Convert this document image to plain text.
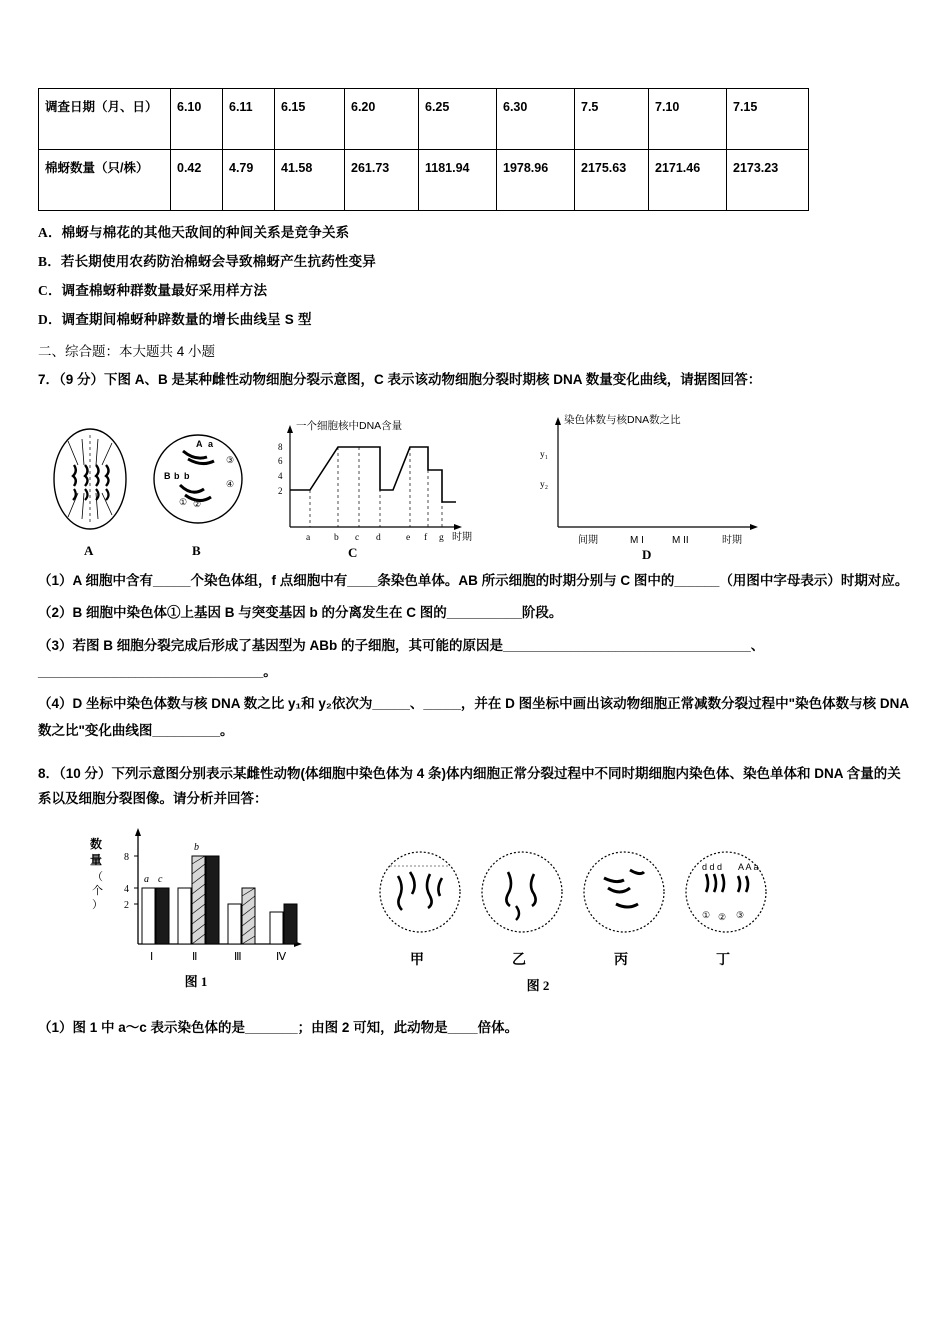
调查日期（月、日）	6.10	6.11	6.15	6.20	6.25	6.30	7.5	7.10	7.15
棉蚜数量（只/株）	0.42	4.79	41.58	261.73	1181.94	1978.96	2175.63	2171.46	2173.23
A．棉蚜与棉花的其他天敌间的种间关系是竞争关系
B．若长期使用农药防治棉蚜会导致棉蚜产生抗药性变异
C．调查棉蚜种群数量最好采用样方法
D．调查期间棉蚜种辟数量的增长曲线呈 S 型
二、综合题：本大题共 4 小题
7．（9 分）下图 A、B 是某种雌性动物细胞分裂示意图，C 表示该动物细胞分裂时期核 DNA 数量变化曲线，请据图回答：
A
A a
B b b
① ②
③
④
B
一个细胞核中DNA含量
8
6
4
2
a	b c d	e f g 时期
C
染色体数与核DNA数之比
y₁
y₂
间期	M I	M II	时期
D
（1）A 细胞中含有_____个染色体组，f 点细胞中有____条染色单体。AB 所示细胞的时期分别与 C 图中的______（用图中字母表示）时期对应。
（2）B 细胞中染色体①上基因 B 与突变基因 b 的分离发生在 C 图的__________阶段。
（3）若图 B 细胞分裂完成后形成了基因型为 ABb 的子细胞，其可能的原因是_________________________________、______________________________。
（4）D 坐标中染色体数与核 DNA 数之比 y₁和 y₂依次为_____、_____，并在 D 图坐标中画出该动物细胞正常减数分裂过程中"染色体数与核 DNA 数之比"变化曲线图_________。
8．（10 分）下列示意图分别表示某雌性动物(体细胞中染色体为 4 条)体内细胞正常分裂过程中不同时期细胞内染色体、染色单体和 DNA 含量的关系以及细胞分裂图像。请分析并回答：
数
量
（
个
）
8
4
2
a c
b
Ⅰ	Ⅱ	Ⅲ	Ⅳ
图 1
甲	乙	丙
d d d A A a
① ② ③
丁
图 2
（1）图 1 中 a～c 表示染色体的是_______；由图 2 可知，此动物是____倍体。
